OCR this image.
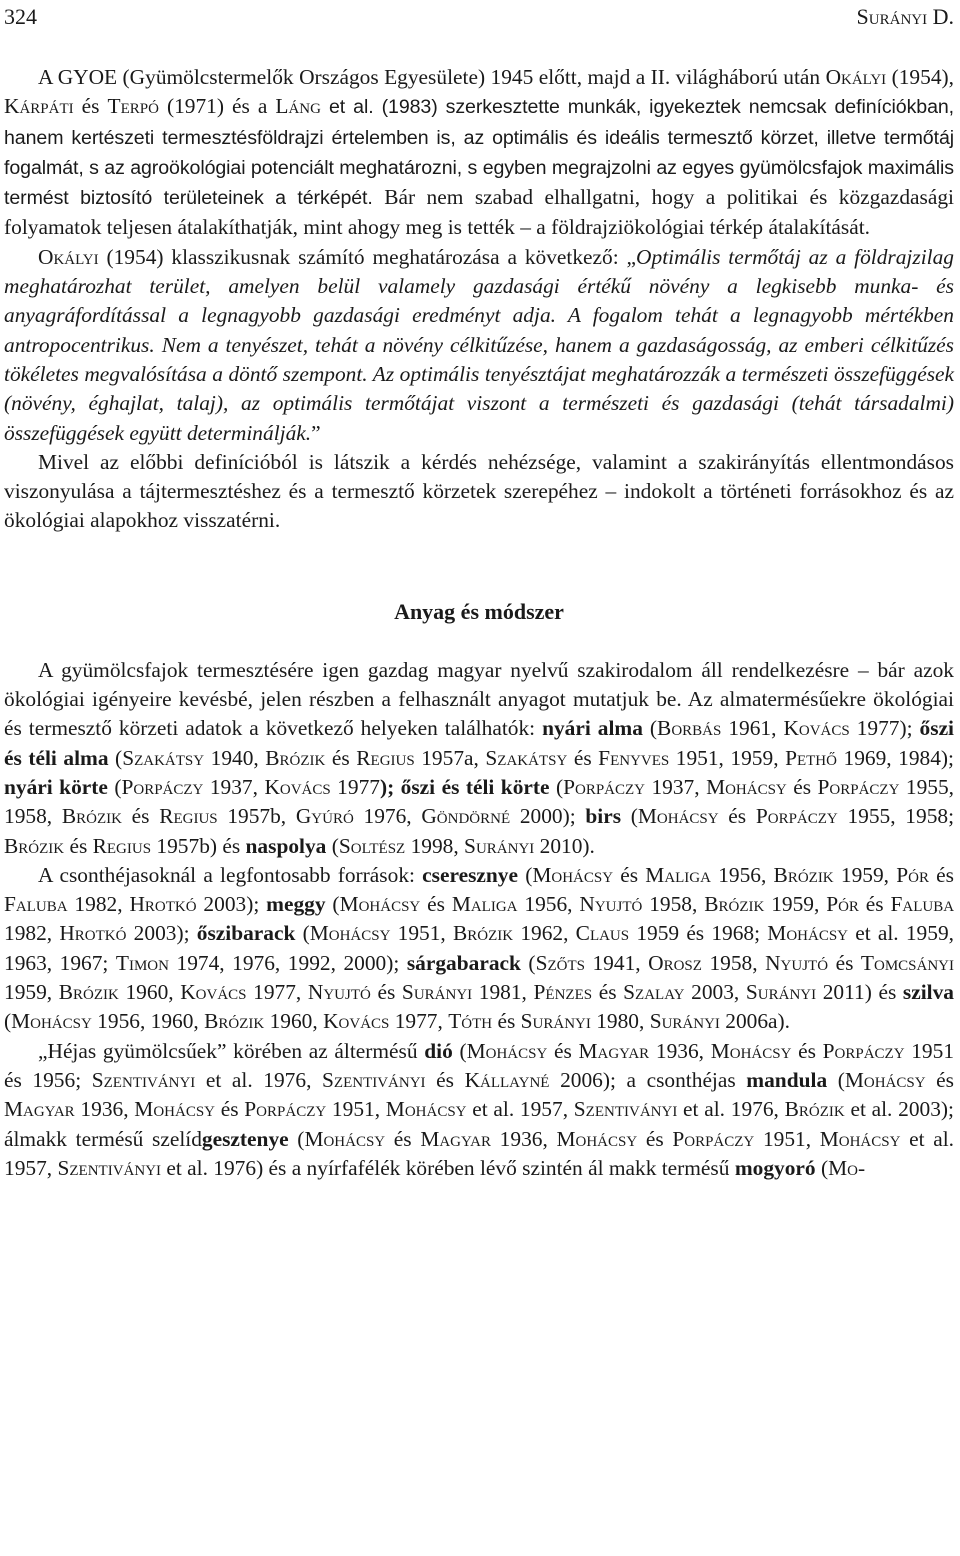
324	Surányi D.

A GYOE (Gyümölcstermelők Országos Egyesülete) 1945 előtt, majd a II. világháború után Okályi (1954), Kárpáti és Terpó (1971) és a Láng et al. (1983) szerkesztette munkák, igyekeztek nemcsak definíciókban, hanem kertészeti termesztésföldrajzi értelemben is, az optimális és ideális termesztő körzet, illetve termőtáj fogalmát, s az agroökológiai potenciált meghatározni, s egyben megrajzolni az egyes gyümölcsfajok maximális termést biztosító területeinek a térképét. Bár nem szabad elhallgatni, hogy a politikai és közgazdasági folyamatok teljesen átalakíthatják, mint ahogy meg is tették – a földrajziökológiai térkép átalakítását.

Okályi (1954) klasszikusnak számító meghatározása a következő: „Optimális termőtáj az a földrajzilag meghatározhat terület, amelyen belül valamely gazdasági értékű növény a legkisebb munka- és anyagráfordítással a legnagyobb gazdasági eredményt adja. A fogalom tehát a legnagyobb mértékben antropocentrikus. Nem a tenyészet, tehát a növény célkitűzése, hanem a gazdaságosság, az emberi célkitűzés tökéletes megvalósítása a döntő szempont. Az optimális tenyésztájat meghatározzák a természeti összefüggések (növény, éghajlat, talaj), az optimális termőtájat viszont a természeti és gazdasági (tehát társadalmi) összefüggések együtt determinálják.”

Mivel az előbbi definícióból is látszik a kérdés nehézsége, valamint a szakirányítás ellentmondásos viszonyulása a tájtermesztéshez és a termesztő körzetek szerepéhez – indokolt a történeti forrásokhoz és az ökológiai alapokhoz visszatérni.

Anyag és módszer

A gyümölcsfajok termesztésére igen gazdag magyar nyelvű szakirodalom áll rendelkezésre – bár azok ökológiai igényeire kevésbé, jelen részben a felhasznált anyagot mutatjuk be. Az almatermésűekre ökológiai és termesztő körzeti adatok a következő helyeken találhatók: nyári alma (Borbás 1961, Kovács 1977); őszi és téli alma (Szakátsy 1940, Brózik és Regius 1957a, Szakátsy és Fenyves 1951, 1959, Pethő 1969, 1984); nyári körte (Porpáczy 1937, Kovács 1977); őszi és téli körte (Porpáczy 1937, Mohácsy és Porpáczy 1955, 1958, Brózik és Regius 1957b, Gyúró 1976, Göndörné 2000); birs (Mohácsy és Porpáczy 1955, 1958; Brózik és Regius 1957b) és naspolya (Soltész 1998, Surányi 2010).

A csonthéjasoknál a legfontosabb források: cseresznye (Mohácsy és Maliga 1956, Brózik 1959, Pór és Faluba 1982, Hrotkó 2003); meggy (Mohácsy és Maliga 1956, Nyujtó 1958, Brózik 1959, Pór és Faluba 1982, Hrotkó 2003); őszibarack (Mohácsy 1951, Brózik 1962, Claus 1959 és 1968; Mohácsy et al. 1959, 1963, 1967; Timon 1974, 1976, 1992, 2000); sárgabarack (Szőts 1941, Orosz 1958, Nyujtó és Tomcsányi 1959, Brózik 1960, Kovács 1977, Nyujtó és Surányi 1981, Pénzes és Szalay 2003, Surányi 2011) és szilva (Mohácsy 1956, 1960, Brózik 1960, Kovács 1977, Tóth és Surányi 1980, Surányi 2006a).

„Héjas gyümölcsűek” körében az áltermésű dió (Mohácsy és Magyar 1936, Mohácsy és Porpáczy 1951 és 1956; Szentiványi et al. 1976, Szentiványi és Kállayné 2006); a csonthéjas mandula (Mohácsy és Magyar 1936, Mohácsy és Porpáczy 1951, Mohácsy et al. 1957, Szentiványi et al. 1976, Brózik et al. 2003); álmakk termésű szelídgesztenye (Mohácsy és Magyar 1936, Mohácsy és Porpáczy 1951, Mohácsy et al. 1957, Szentiványi et al. 1976) és a nyírfafélék körében lévő szintén ál makk termésű mogyoró (Mo-
